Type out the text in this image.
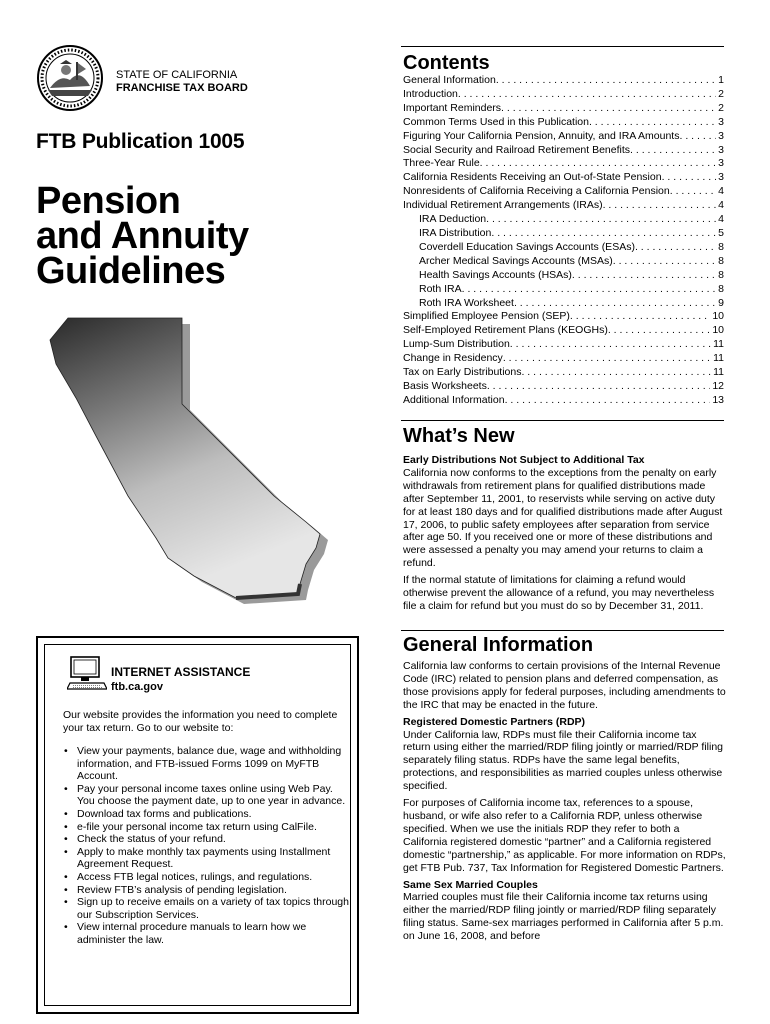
STATE OF CALIFORNIA
FRANCHISE TAX BOARD
FTB Publication 1005
Pension
and Annuity
Guidelines
INTERNET ASSISTANCE
ftb.ca.gov
Our website provides the information you need to complete your tax return. Go to our website to:
• View your payments, balance due, wage and withholding information, and FTB-issued Forms 1099 on MyFTB Account.
• Pay your personal income taxes online using Web Pay. You choose the payment date, up to one year in advance.
• Download tax forms and publications.
• e-file your personal income tax return using CalFile.
• Check the status of your refund.
• Apply to make monthly tax payments using Installment Agreement Request.
• Access FTB legal notices, rulings, and regulations.
• Review FTB’s analysis of pending legislation.
• Sign up to receive emails on a variety of tax topics through our Subscription Services.
• View internal procedure manuals to learn how we administer the law.
Contents
General Information . . .	1
Introduction . . .	2
Important Reminders . . .	2
Common Terms Used in this Publication . . .	3
Figuring Your California Pension, Annuity, and IRA Amounts . . .	3
Social Security and Railroad Retirement Benefits . . .	3
Three-Year Rule . . .	3
California Residents Receiving an Out-of-State Pension . . .	3
Nonresidents of California Receiving a California Pension . . .	4
Individual Retirement Arrangements (IRAs) . . .	4
IRA Deduction . . .	4
IRA Distribution . . .	5
Coverdell Education Savings Accounts (ESAs) . . .	8
Archer Medical Savings Accounts (MSAs) . . .	8
Health Savings Accounts (HSAs) . . .	8
Roth IRA . . .	8
Roth IRA Worksheet . . .	9
Simplified Employee Pension (SEP) . . .	10
Self-Employed Retirement Plans (KEOGHs) . . .	10
Lump-Sum Distribution . . .	11
Change in Residency . . .	11
Tax on Early Distributions . . .	11
Basis Worksheets . . .	12
Additional Information . . .	13
What’s New

Early Distributions Not Subject to Additional Tax

California now conforms to the exceptions from the penalty on early withdrawals from retirement plans for qualified distributions made after September 11, 2001, to reservists while serving on active duty for at least 180 days and for qualified distributions made after August 17, 2006, to public safety employees after separation from service after age 50. If you received one or more of these distributions and were assessed a penalty you may amend your returns to claim a refund.

If the normal statute of limitations for claiming a refund would otherwise prevent the allowance of a refund, you may nevertheless file a claim for refund but you must do so by December 31, 2011.

General Information

California law conforms to certain provisions of the Internal Revenue Code (IRC) related to pension plans and deferred compensation, as those provisions apply for federal purposes, including amendments to the IRC that may be enacted in the future.

Registered Domestic Partners (RDP)

Under California law, RDPs must file their California income tax return using either the married/RDP filing jointly or married/RDP filing separately filing status. RDPs have the same legal benefits, protections, and responsibilities as married couples unless otherwise specified.

For purposes of California income tax, references to a spouse, husband, or wife also refer to a California RDP, unless otherwise specified. When we use the initials RDP they refer to both a California registered domestic “partner” and a California registered domestic “partnership,” as applicable. For more information on RDPs, get FTB Pub. 737, Tax Information for Registered Domestic Partners.

Same Sex Married Couples

Married couples must file their California income tax returns using either the married/RDP filing jointly or married/RDP filing separately filing status. Same-sex marriages performed in California after 5 p.m. on June 16, 2008, and before
